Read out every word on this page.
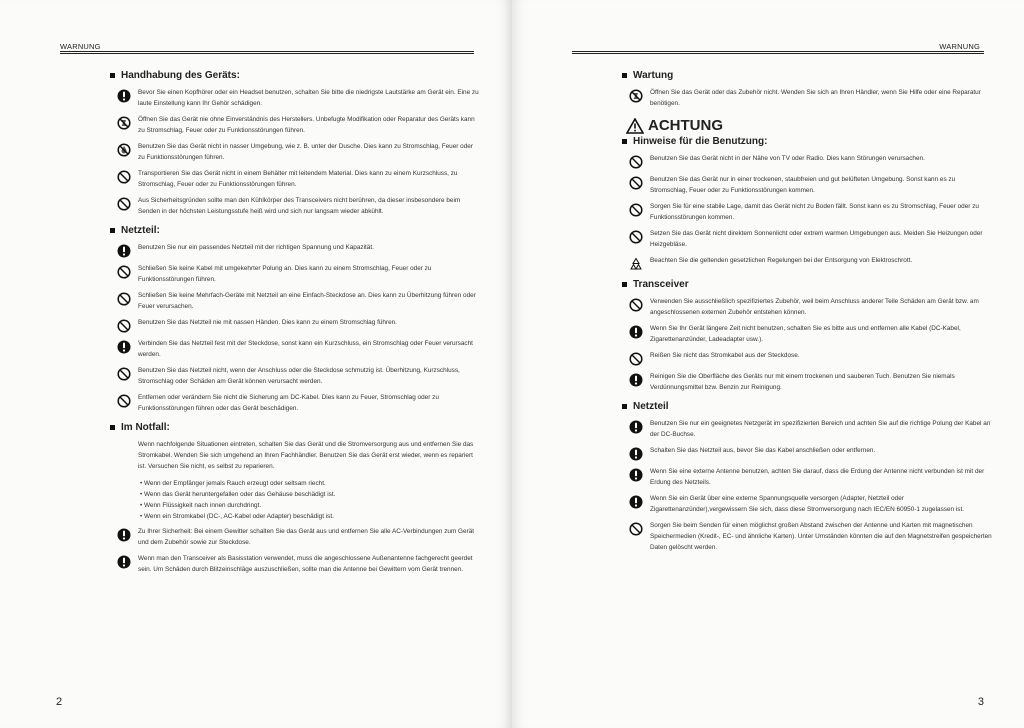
WARNUNG
Handhabung des Geräts:
Bevor Sie einen Kopfhörer oder ein Headset benutzen, schalten Sie bitte die niedrigste Lautstärke am Gerät ein. Eine zu laute Einstellung kann Ihr Gehör schädigen.
Öffnen Sie das Gerät nie ohne Einverständnis des Herstellers. Unbefugte Modifikation oder Reparatur des Geräts kann zu Stromschlag, Feuer oder zu Funktionsstörungen führen.
Benutzen Sie das Gerät nicht in nasser Umgebung, wie z. B. unter der Dusche. Dies kann zu Stromschlag, Feuer oder zu Funktionsstörungen führen.
Transportieren Sie das Gerät nicht in einem Behälter mit leitendem Material. Dies kann zu einem Kurzschluss, zu Stromschlag, Feuer oder zu Funktionsstörungen führen.
Aus Sicherheitsgründen sollte man den Kühlkörper des Transceivers nicht berühren, da dieser insbesondere beim Senden in der höchsten Leistungsstufe heiß wird und sich nur langsam wieder abkühlt.
Netzteil:
Benutzen Sie nur ein passendes Netzteil mit der richtigen Spannung und Kapazität.
Schließen Sie keine Kabel mit umgekehrter Polung an. Dies kann zu einem Stromschlag, Feuer oder zu Funktionsstörungen führen.
Schließen Sie keine Mehrfach-Geräte mit Netzteil an eine Einfach-Steckdose an. Dies kann zu Überhitzung führen oder Feuer verursachen.
Benutzen Sie das Netzteil nie mit nassen Händen. Dies kann zu einem Stromschlag führen.
Verbinden Sie das Netzteil fest mit der Steckdose, sonst kann ein Kurzschluss, ein Stromschlag oder Feuer verursacht werden.
Benutzen Sie das Netzteil nicht, wenn der Anschluss oder die Steckdose schmutzig ist. Überhitzung, Kurzschluss, Stromschlag oder Schäden am Gerät können verursacht werden.
Entfernen oder verändern Sie nicht die Sicherung am DC-Kabel. Dies kann zu Feuer, Stromschlag oder zu Funktionsstörungen führen oder das Gerät beschädigen.
Im Notfall:
Wenn nachfolgende Situationen eintreten, schalten Sie das Gerät und die Stromversorgung aus und entfernen Sie das Stromkabel. Wenden Sie sich umgehend an Ihren Fachhändler. Benutzen Sie das Gerät erst wieder, wenn es repariert ist. Versuchen Sie nicht, es selbst zu reparieren.
• Wenn der Empfänger jemals Rauch erzeugt oder seltsam riecht.
• Wenn das Gerät heruntergefallen oder das Gehäuse beschädigt ist.
• Wenn Flüssigkeit nach innen durchdringt.
• Wenn ein Stromkabel (DC-, AC-Kabel oder Adapter) beschädigt ist.
Zu Ihrer Sicherheit: Bei einem Gewitter schalten Sie das Gerät aus und entfernen Sie alle AC-Verbindungen zum Gerät und dem Zubehör sowie zur Steckdose.
Wenn man den Transceiver als Basisstation verwendet, muss die angeschlossene Außenantenne fachgerecht geerdet sein. Um Schäden durch Blitzeinschläge auszuschließen, sollte man die Antenne bei Gewittern vom Gerät trennen.
2
WARNUNG
Wartung
Öffnen Sie das Gerät oder das Zubehör nicht. Wenden Sie sich an Ihren Händler, wenn Sie Hilfe oder eine Reparatur benötigen.
ACHTUNG
Hinweise für die Benutzung:
Benutzen Sie das Gerät nicht in der Nähe von TV oder Radio. Dies kann Störungen verursachen.
Benutzen Sie das Gerät nur in einer trockenen, staubfreien und gut belüfteten Umgebung. Sonst kann es zu Stromschlag, Feuer oder zu Funktionsstörungen kommen.
Sorgen Sie für eine stabile Lage, damit das Gerät nicht zu Boden fällt. Sonst kann es zu Stromschlag, Feuer oder zu Funktionsstörungen kommen.
Setzen Sie das Gerät nicht direktem Sonnenlicht oder extrem warmen Umgebungen aus. Meiden Sie Heizungen oder Heizgebläse.
Beachten Sie die geltenden gesetzlichen Regelungen bei der Entsorgung von Elektroschrott.
Transceiver
Verwenden Sie ausschließlich spezifiziertes Zubehör, weil beim Anschluss anderer Teile Schäden am Gerät bzw. am angeschlossenen externen Zubehör entstehen können.
Wenn Sie Ihr Gerät längere Zeit nicht benutzen, schalten Sie es bitte aus und entfernen alle Kabel (DC-Kabel, Zigarettenanzünder, Ladeadapter usw.).
Reißen Sie nicht das Stromkabel aus der Steckdose.
Reinigen Sie die Oberfläche des Geräts nur mit einem trockenen und sauberen Tuch. Benutzen Sie niemals Verdünnungsmittel bzw. Benzin zur Reinigung.
Netzteil
Benutzen Sie nur ein geeignetes Netzgerät im spezifizierten Bereich und achten Sie auf die richtige Polung der Kabel an der DC-Buchse.
Schalten Sie das Netzteil aus, bevor Sie das Kabel anschließen oder entfernen.
Wenn Sie eine externe Antenne benutzen, achten Sie darauf, dass die Erdung der Antenne nicht verbunden ist mit der Erdung des Netzteils.
Wenn Sie ein Gerät über eine externe Spannungsquelle versorgen (Adapter, Netzteil oder Zigarettenanzünder),vergewissern Sie sich, dass diese Stromversorgung nach IEC/EN 60950-1 zugelassen ist.
Sorgen Sie beim Senden für einen möglichst großen Abstand zwischen der Antenne und Karten mit magnetischen Speichermedien (Kredit-, EC- und ähnliche Karten). Unter Umständen könnten die auf den Magnetstreifen gespeicherten Daten gelöscht werden.
3
